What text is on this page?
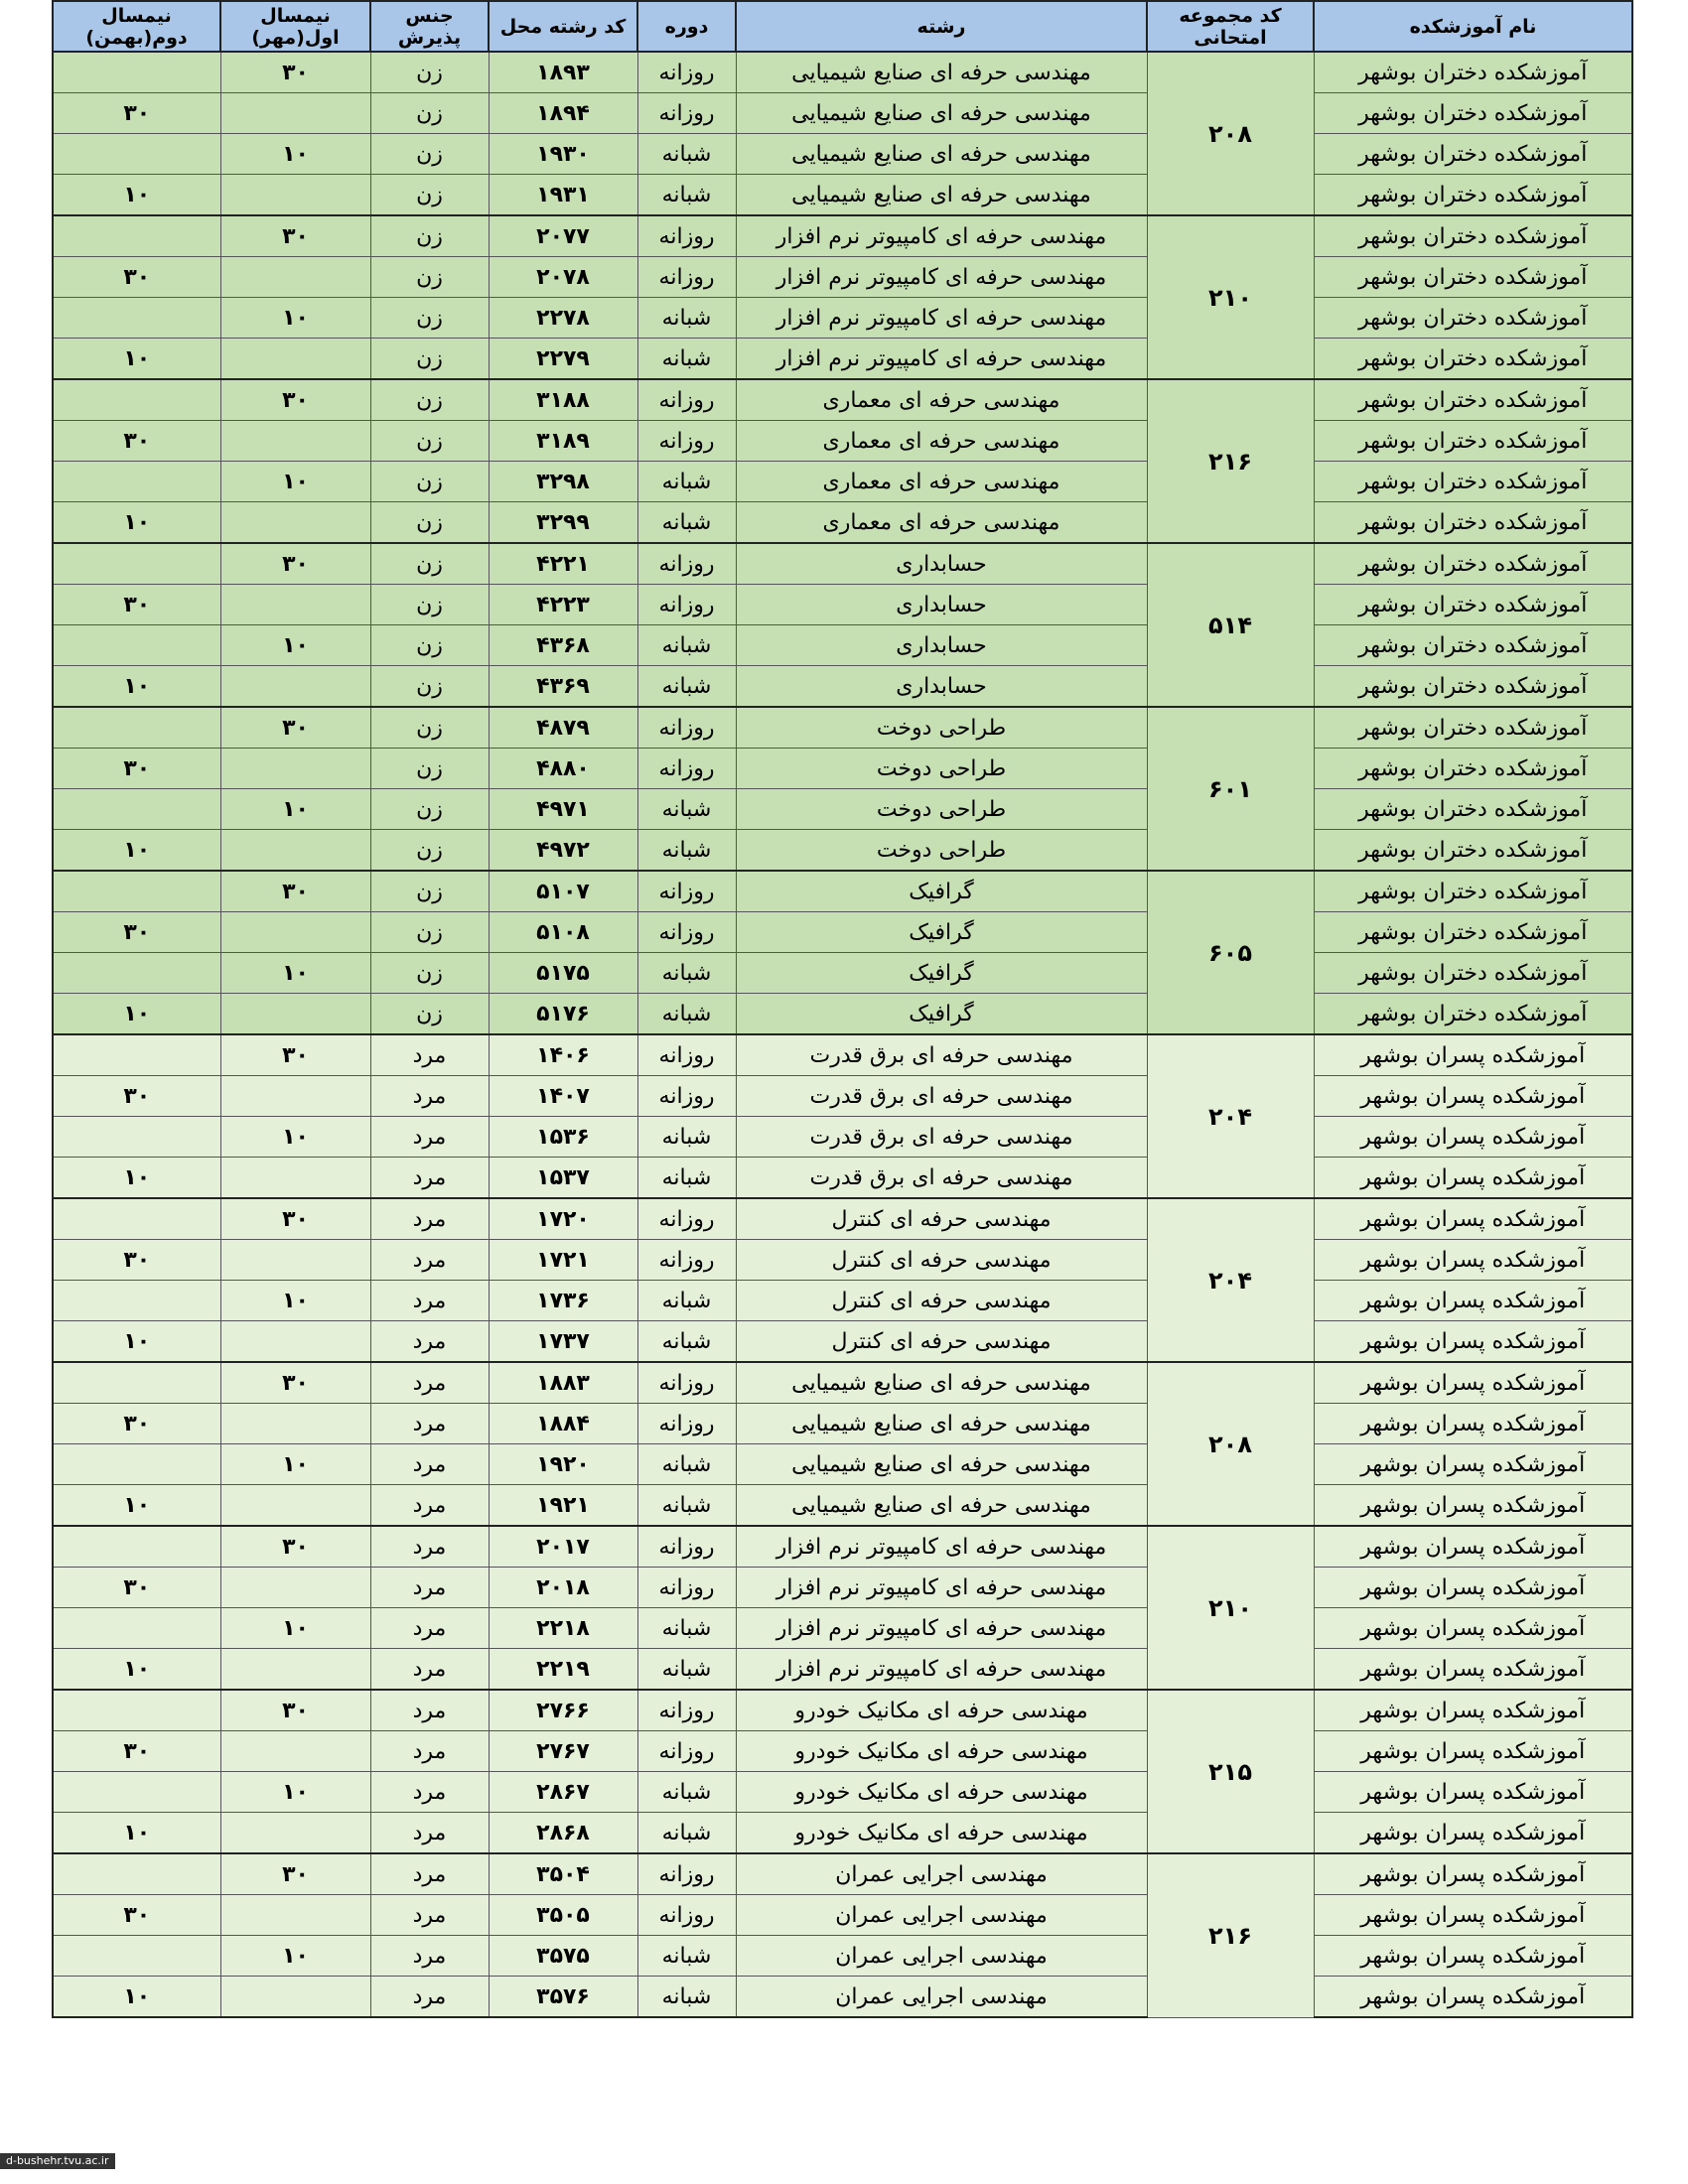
نیمسال دوم(بهمن)	نیمسال اول(مهر)	جنس پذیرش	کد رشته محل	دوره	رشته	کد مجموعه امتحانی	نام آموزشکده
	۳۰	زن	۱۸۹۳	روزانه	مهندسی حرفه ای صنایع شیمیایی	۲۰۸	آموزشکده دختران بوشهر
۳۰		زن	۱۸۹۴	روزانه	مهندسی حرفه ای صنایع شیمیایی		آموزشکده دختران بوشهر
	۱۰	زن	۱۹۳۰	شبانه	مهندسی حرفه ای صنایع شیمیایی		آموزشکده دختران بوشهر
۱۰		زن	۱۹۳۱	شبانه	مهندسی حرفه ای صنایع شیمیایی		آموزشکده دختران بوشهر
	۳۰	زن	۲۰۷۷	روزانه	مهندسی حرفه ای کامپیوتر نرم افزار	۲۱۰	آموزشکده دختران بوشهر
۳۰		زن	۲۰۷۸	روزانه	مهندسی حرفه ای کامپیوتر نرم افزار		آموزشکده دختران بوشهر
	۱۰	زن	۲۲۷۸	شبانه	مهندسی حرفه ای کامپیوتر نرم افزار		آموزشکده دختران بوشهر
۱۰		زن	۲۲۷۹	شبانه	مهندسی حرفه ای کامپیوتر نرم افزار		آموزشکده دختران بوشهر
	۳۰	زن	۳۱۸۸	روزانه	مهندسی حرفه ای معماری	۲۱۶	آموزشکده دختران بوشهر
۳۰		زن	۳۱۸۹	روزانه	مهندسی حرفه ای معماری		آموزشکده دختران بوشهر
	۱۰	زن	۳۲۹۸	شبانه	مهندسی حرفه ای معماری		آموزشکده دختران بوشهر
۱۰		زن	۳۲۹۹	شبانه	مهندسی حرفه ای معماری		آموزشکده دختران بوشهر
	۳۰	زن	۴۲۲۱	روزانه	حسابداری	۵۱۴	آموزشکده دختران بوشهر
۳۰		زن	۴۲۲۳	روزانه	حسابداری		آموزشکده دختران بوشهر
	۱۰	زن	۴۳۶۸	شبانه	حسابداری		آموزشکده دختران بوشهر
۱۰		زن	۴۳۶۹	شبانه	حسابداری		آموزشکده دختران بوشهر
	۳۰	زن	۴۸۷۹	روزانه	طراحی دوخت	۶۰۱	آموزشکده دختران بوشهر
۳۰		زن	۴۸۸۰	روزانه	طراحی دوخت		آموزشکده دختران بوشهر
	۱۰	زن	۴۹۷۱	شبانه	طراحی دوخت		آموزشکده دختران بوشهر
۱۰		زن	۴۹۷۲	شبانه	طراحی دوخت		آموزشکده دختران بوشهر
	۳۰	زن	۵۱۰۷	روزانه	گرافیک	۶۰۵	آموزشکده دختران بوشهر
۳۰		زن	۵۱۰۸	روزانه	گرافیک		آموزشکده دختران بوشهر
	۱۰	زن	۵۱۷۵	شبانه	گرافیک		آموزشکده دختران بوشهر
۱۰		زن	۵۱۷۶	شبانه	گرافیک		آموزشکده دختران بوشهر
	۳۰	مرد	۱۴۰۶	روزانه	مهندسی حرفه ای برق قدرت	۲۰۴	آموزشکده پسران بوشهر
۳۰		مرد	۱۴۰۷	روزانه	مهندسی حرفه ای برق قدرت		آموزشکده پسران بوشهر
	۱۰	مرد	۱۵۳۶	شبانه	مهندسی حرفه ای برق قدرت		آموزشکده پسران بوشهر
۱۰		مرد	۱۵۳۷	شبانه	مهندسی حرفه ای برق قدرت		آموزشکده پسران بوشهر
	۳۰	مرد	۱۷۲۰	روزانه	مهندسی حرفه ای کنترل	۲۰۴	آموزشکده پسران بوشهر
۳۰		مرد	۱۷۲۱	روزانه	مهندسی حرفه ای کنترل		آموزشکده پسران بوشهر
	۱۰	مرد	۱۷۳۶	شبانه	مهندسی حرفه ای کنترل		آموزشکده پسران بوشهر
۱۰		مرد	۱۷۳۷	شبانه	مهندسی حرفه ای کنترل		آموزشکده پسران بوشهر
	۳۰	مرد	۱۸۸۳	روزانه	مهندسی حرفه ای صنایع شیمیایی	۲۰۸	آموزشکده پسران بوشهر
۳۰		مرد	۱۸۸۴	روزانه	مهندسی حرفه ای صنایع شیمیایی		آموزشکده پسران بوشهر
	۱۰	مرد	۱۹۲۰	شبانه	مهندسی حرفه ای صنایع شیمیایی		آموزشکده پسران بوشهر
۱۰		مرد	۱۹۲۱	شبانه	مهندسی حرفه ای صنایع شیمیایی		آموزشکده پسران بوشهر
	۳۰	مرد	۲۰۱۷	روزانه	مهندسی حرفه ای کامپیوتر نرم افزار	۲۱۰	آموزشکده پسران بوشهر
۳۰		مرد	۲۰۱۸	روزانه	مهندسی حرفه ای کامپیوتر نرم افزار		آموزشکده پسران بوشهر
	۱۰	مرد	۲۲۱۸	شبانه	مهندسی حرفه ای کامپیوتر نرم افزار		آموزشکده پسران بوشهر
۱۰		مرد	۲۲۱۹	شبانه	مهندسی حرفه ای کامپیوتر نرم افزار		آموزشکده پسران بوشهر
	۳۰	مرد	۲۷۶۶	روزانه	مهندسی حرفه ای مکانیک خودرو	۲۱۵	آموزشکده پسران بوشهر
۳۰		مرد	۲۷۶۷	روزانه	مهندسی حرفه ای مکانیک خودرو		آموزشکده پسران بوشهر
	۱۰	مرد	۲۸۶۷	شبانه	مهندسی حرفه ای مکانیک خودرو		آموزشکده پسران بوشهر
۱۰		مرد	۲۸۶۸	شبانه	مهندسی حرفه ای مکانیک خودرو		آموزشکده پسران بوشهر
	۳۰	مرد	۳۵۰۴	روزانه	مهندسی اجرایی عمران	۲۱۶	آموزشکده پسران بوشهر
۳۰		مرد	۳۵۰۵	روزانه	مهندسی اجرایی عمران		آموزشکده پسران بوشهر
	۱۰	مرد	۳۵۷۵	شبانه	مهندسی اجرایی عمران		آموزشکده پسران بوشهر
۱۰		مرد	۳۵۷۶	شبانه	مهندسی اجرایی عمران		آموزشکده پسران بوشهر
d-bushehr.tvu.ac.ir
